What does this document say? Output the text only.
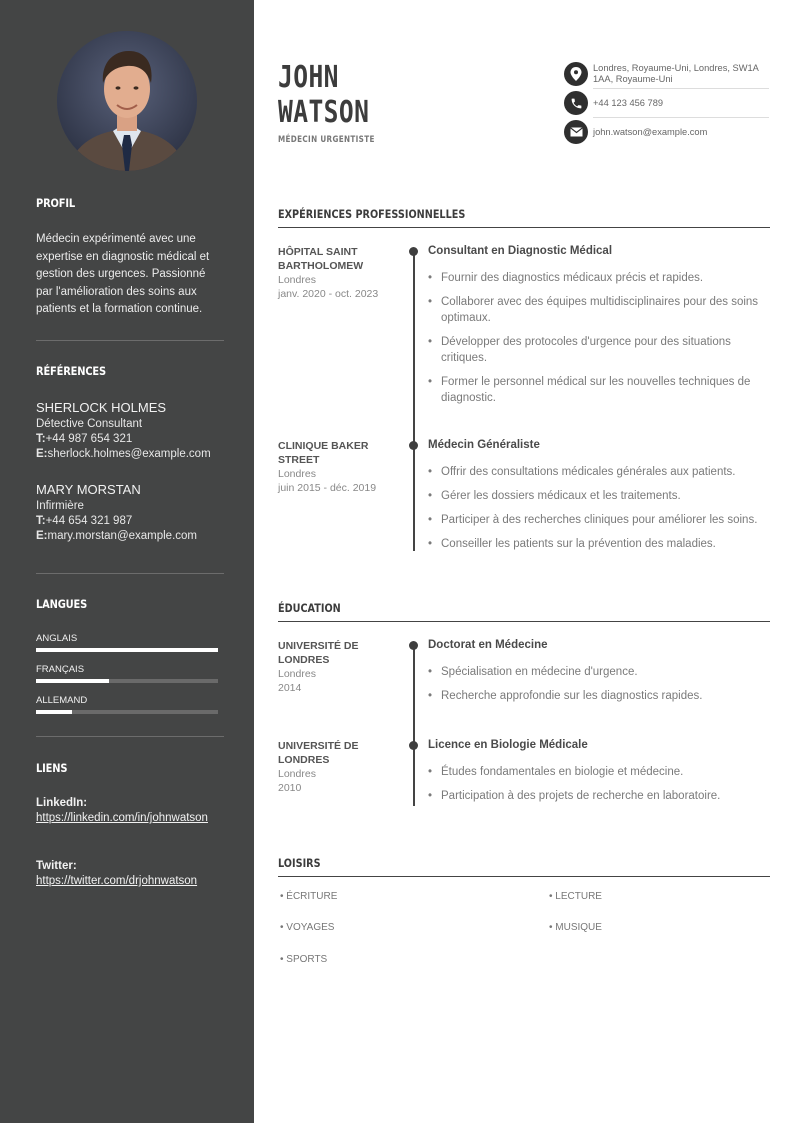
PROFIL

Médecin expérimenté avec une expertise en diagnostic médical et gestion des urgences. Passionné par l'amélioration des soins aux patients et la formation continue.

RÉFÉRENCES
SHERLOCK HOLMES
Détective Consultant
T:+44 987 654 321
E:sherlock.holmes@example.com
MARY MORSTAN
Infirmière
T:+44 654 321 987
E:mary.morstan@example.com
LANGUES
ANGLAIS
FRANÇAIS
ALLEMAND
LIENS
LinkedIn:
https://linkedin.com/in/johnwatson
Twitter:
https://twitter.com/drjohnwatson
JOHN
WATSON
MÉDECIN URGENTISTE
Londres, Royaume-Uni, Londres, SW1A 1AA, Royaume-Uni
+44 123 456 789
john.watson@example.com
EXPÉRIENCES PROFESSIONNELLES
HÔPITAL SAINT BARTHOLOMEW
Londres
janv. 2020 - oct. 2023
Consultant en Diagnostic Médical
• Fournir des diagnostics médicaux précis et rapides.
• Collaborer avec des équipes multidisciplinaires pour des soins optimaux.
• Développer des protocoles d'urgence pour des situations critiques.
• Former le personnel médical sur les nouvelles techniques de diagnostic.
CLINIQUE BAKER STREET
Londres
juin 2015 - déc. 2019
Médecin Généraliste
• Offrir des consultations médicales générales aux patients.
• Gérer les dossiers médicaux et les traitements.
• Participer à des recherches cliniques pour améliorer les soins.
• Conseiller les patients sur la prévention des maladies.
ÉDUCATION
UNIVERSITÉ DE LONDRES
Londres
2014
Doctorat en Médecine
• Spécialisation en médecine d'urgence.
• Recherche approfondie sur les diagnostics rapides.
UNIVERSITÉ DE LONDRES
Londres
2010
Licence en Biologie Médicale
• Études fondamentales en biologie et médecine.
• Participation à des projets de recherche en laboratoire.
LOISIRS
• ÉCRITURE	• LECTURE
• VOYAGES	• MUSIQUE
• SPORTS
